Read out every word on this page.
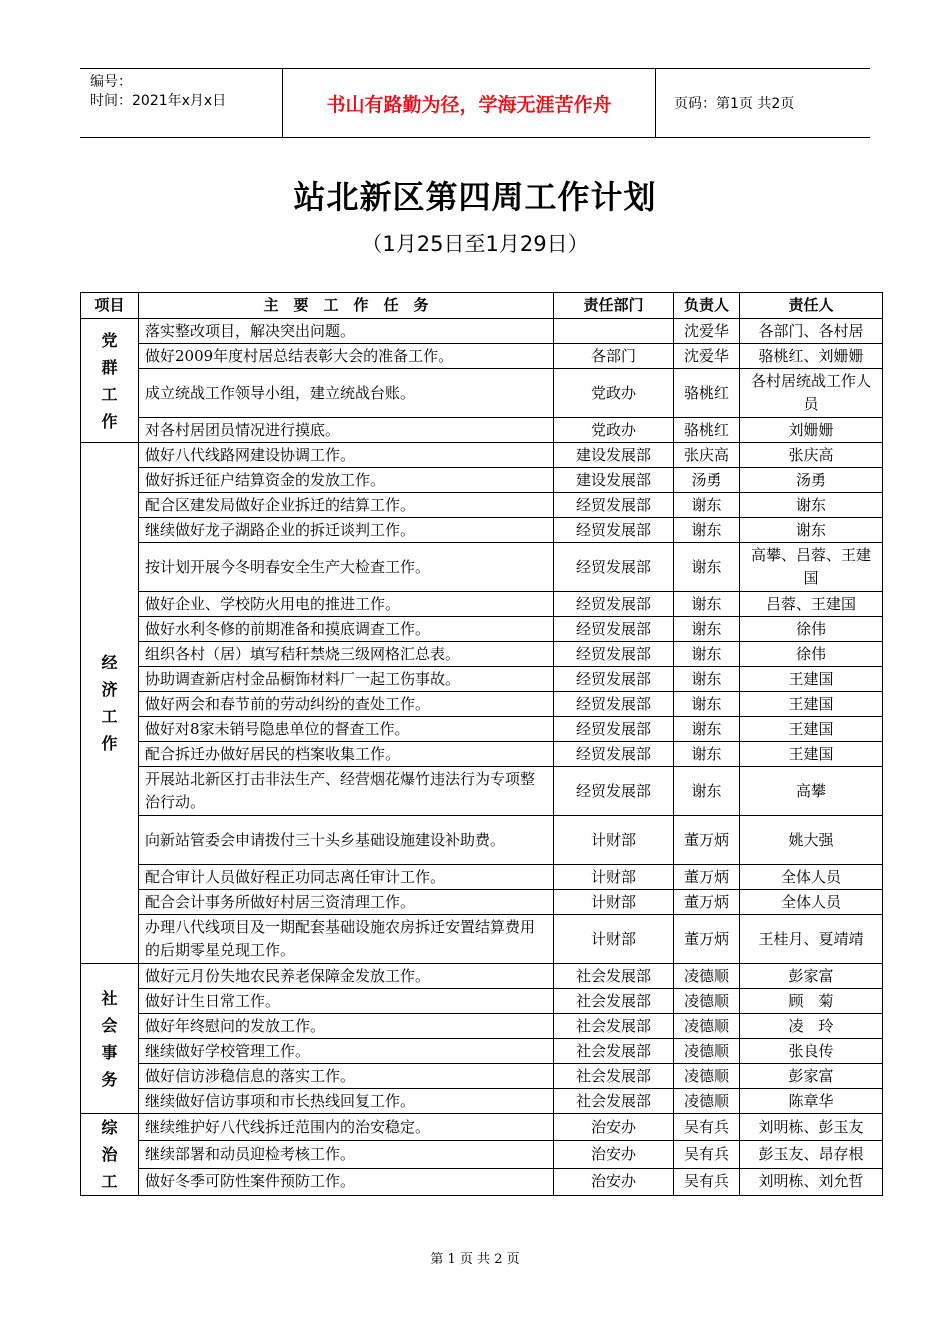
编号：
时间：2021年x月x日	书山有路勤为径，学海无涯苦作舟	页码：第1页 共2页
站北新区第四周工作计划
（1月25日至1月29日）
项目	主　要　工　作　任　务	责任部门	负责人	责任人

党
群
工
作	落实整改项目，解决突出问题。		沈爱华	各部门、各村居
	做好2009年度村居总结表彰大会的准备工作。	各部门	沈爱华	骆桃红、刘姗姗
	成立统战工作领导小组，建立统战台账。	党政办	骆桃红	各村居统战工作人员
	对各村居团员情况进行摸底。	党政办	骆桃红	刘姗姗

经
济
工
作	做好八代线路网建设协调工作。	建设发展部	张庆高	张庆高
	做好拆迁征户结算资金的发放工作。	建设发展部	汤勇	汤勇
	配合区建发局做好企业拆迁的结算工作。	经贸发展部	谢东	谢东
	继续做好龙子湖路企业的拆迁谈判工作。	经贸发展部	谢东	谢东
	按计划开展今冬明春安全生产大检查工作。	经贸发展部	谢东	高攀、吕蓉、王建国
	做好企业、学校防火用电的推进工作。	经贸发展部	谢东	吕蓉、王建国
	做好水利冬修的前期准备和摸底调查工作。	经贸发展部	谢东	徐伟
	组织各村（居）填写秸秆禁烧三级网格汇总表。	经贸发展部	谢东	徐伟
	协助调查新店村金品橱饰材料厂一起工伤事故。	经贸发展部	谢东	王建国
	做好两会和春节前的劳动纠纷的查处工作。	经贸发展部	谢东	王建国
	做好对8家未销号隐患单位的督查工作。	经贸发展部	谢东	王建国
	配合拆迁办做好居民的档案收集工作。	经贸发展部	谢东	王建国
	开展站北新区打击非法生产、经营烟花爆竹违法行为专项整治行动。	经贸发展部	谢东	高攀
	向新站管委会申请拨付三十头乡基础设施建设补助费。	计财部	董万炳	姚大强
	配合审计人员做好程正功同志离任审计工作。	计财部	董万炳	全体人员
	配合会计事务所做好村居三资清理工作。	计财部	董万炳	全体人员
	办理八代线项目及一期配套基础设施农房拆迁安置结算费用的后期零星兑现工作。	计财部	董万炳	王桂月、夏靖靖

社
会
事
务	做好元月份失地农民养老保障金发放工作。	社会发展部	凌德顺	彭家富
	做好计生日常工作。	社会发展部	凌德顺	顾　菊
	做好年终慰问的发放工作。	社会发展部	凌德顺	凌　玲
	继续做好学校管理工作。	社会发展部	凌德顺	张良传
	做好信访涉稳信息的落实工作。	社会发展部	凌德顺	彭家富
	继续做好信访事项和市长热线回复工作。	社会发展部	凌德顺	陈章华

综
治
工	继续维护好八代线拆迁范围内的治安稳定。	治安办	吴有兵	刘明栋、彭玉友
	继续部署和动员迎检考核工作。	治安办	吴有兵	彭玉友、昂存根
	做好冬季可防性案件预防工作。	治安办	吴有兵	刘明栋、刘允哲
第 1 页 共 2 页
